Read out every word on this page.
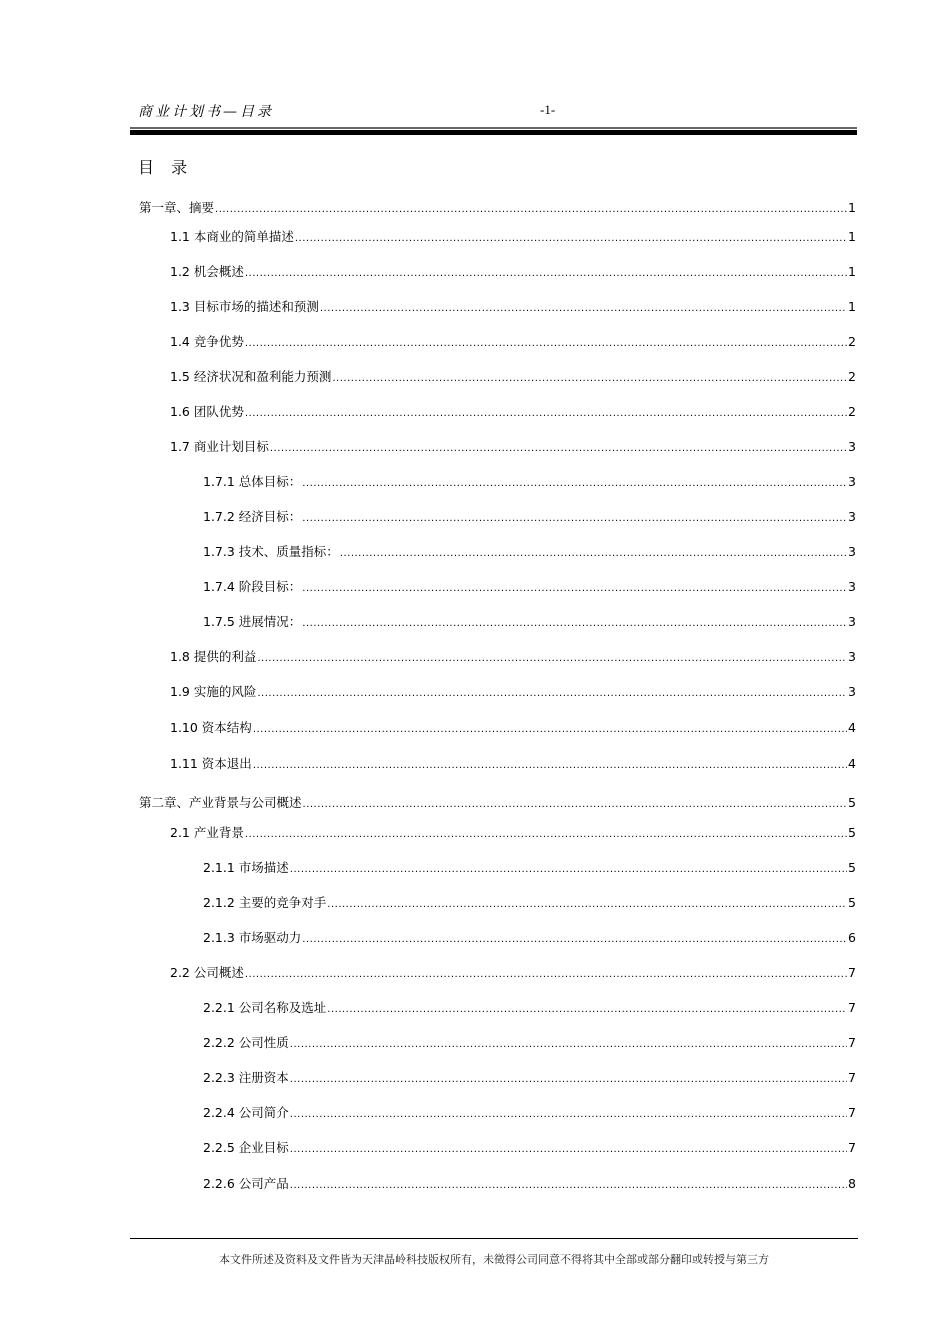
商业计划书—目录	-1-
目 录
第一章、摘要 .....	1
1.1 本商业的简单描述 .....	1
1.2 机会概述 .....	1
1.3 目标市场的描述和预测 .....	1
1.4 竞争优势 .....	2
1.5 经济状况和盈利能力预测 .....	2
1.6 团队优势 .....	2
1.7 商业计划目标 .....	3
1.7.1 总体目标： .....	3
1.7.2 经济目标： .....	3
1.7.3 技术、质量指标： .....	3
1.7.4 阶段目标： .....	3
1.7.5 进展情况： .....	3
1.8 提供的利益 .....	3
1.9 实施的风险 .....	3
1.10 资本结构 .....	4
1.11 资本退出 .....	4
第二章、产业背景与公司概述 .....	5
2.1 产业背景 .....	5
2.1.1 市场描述 .....	5
2.1.2 主要的竞争对手 .....	5
2.1.3 市场驱动力 .....	6
2.2 公司概述 .....	7
2.2.1 公司名称及选址 .....	7
2.2.2 公司性质 .....	7
2.2.3 注册资本 .....	7
2.2.4 公司简介 .....	7
2.2.5 企业目标 .....	7
2.2.6 公司产品 .....	8
本文件所述及资料及文件皆为天津晶岭科技版权所有，未徵得公司同意不得将其中全部或部分翻印或转授与第三方
